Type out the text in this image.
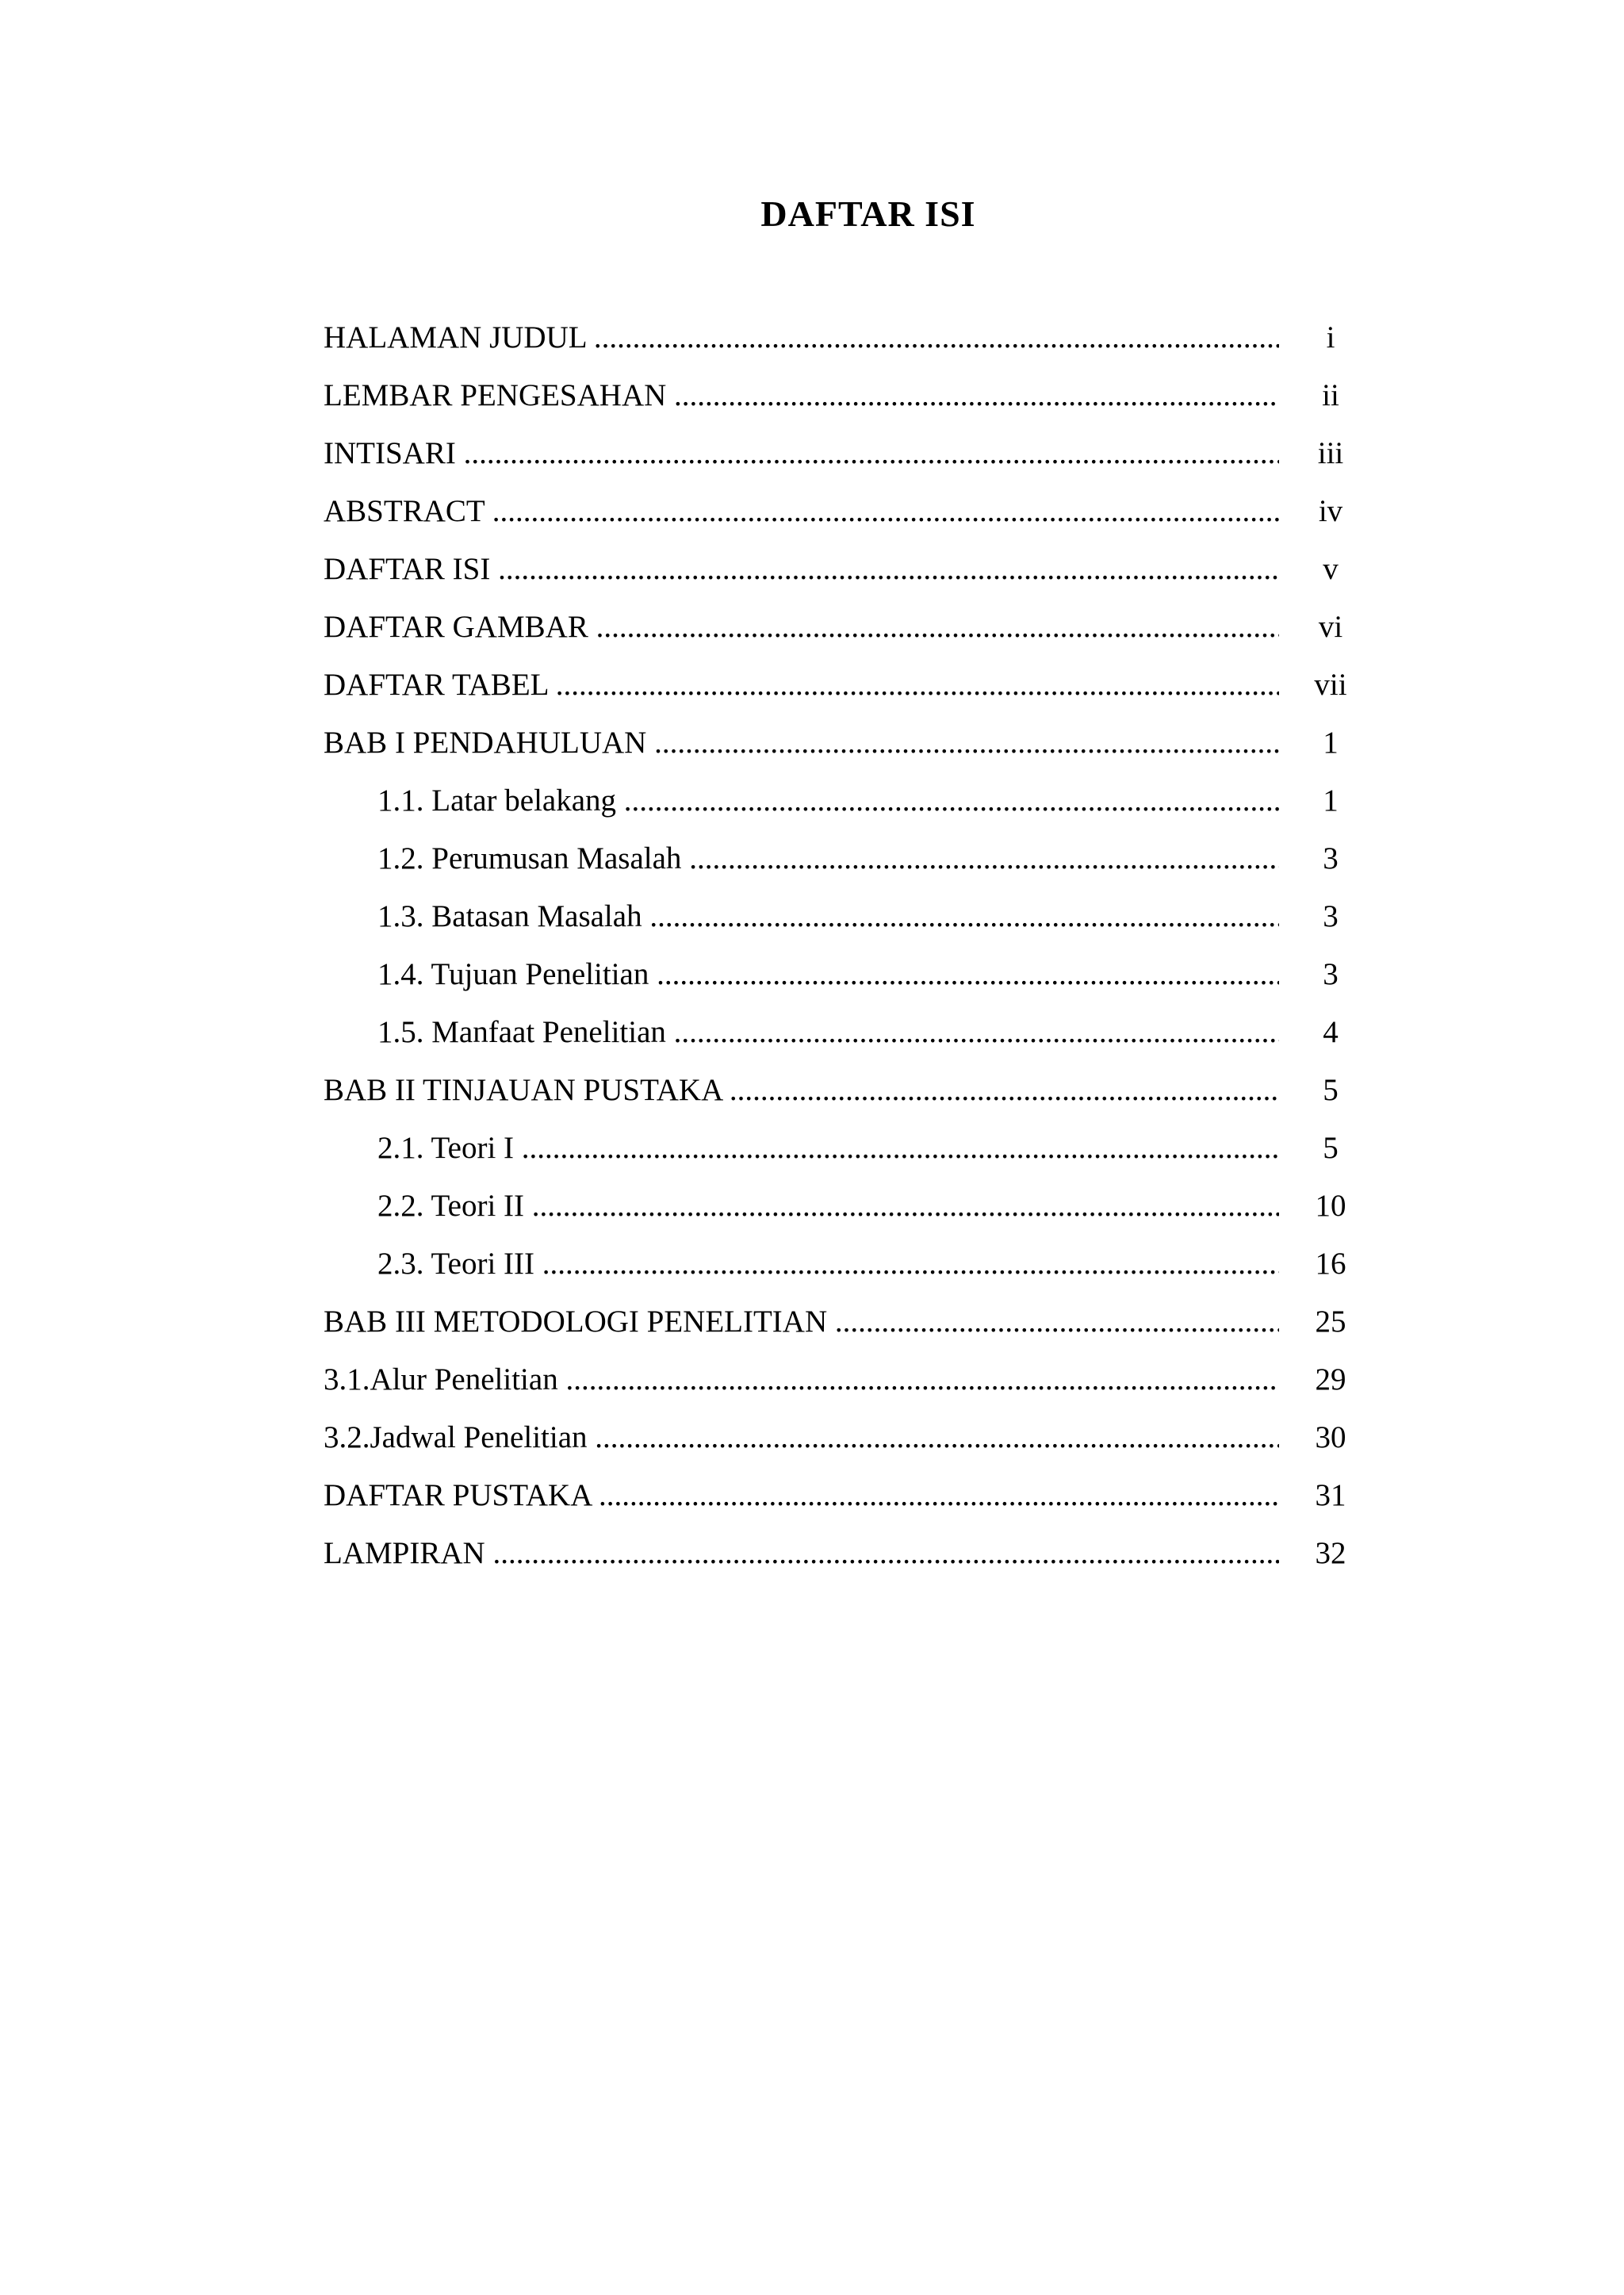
DAFTAR ISI
HALAMAN JUDUL .....	i
LEMBAR PENGESAHAN .....	ii
INTISARI .....	iii
ABSTRACT .....	iv
DAFTAR ISI .....	v
DAFTAR GAMBAR .....	vi
DAFTAR TABEL .....	vii
BAB I PENDAHULUAN .....	1
1.1. Latar belakang .....	1
1.2. Perumusan Masalah .....	3
1.3. Batasan Masalah .....	3
1.4. Tujuan Penelitian .....	3
1.5. Manfaat Penelitian .....	4
BAB II TINJAUAN PUSTAKA .....	5
2.1. Teori I .....	5
2.2. Teori II .....	10
2.3. Teori III .....	16
BAB III METODOLOGI PENELITIAN .....	25
3.1.Alur Penelitian .....	29
3.2.Jadwal Penelitian .....	30
DAFTAR PUSTAKA .....	31
LAMPIRAN .....	32
